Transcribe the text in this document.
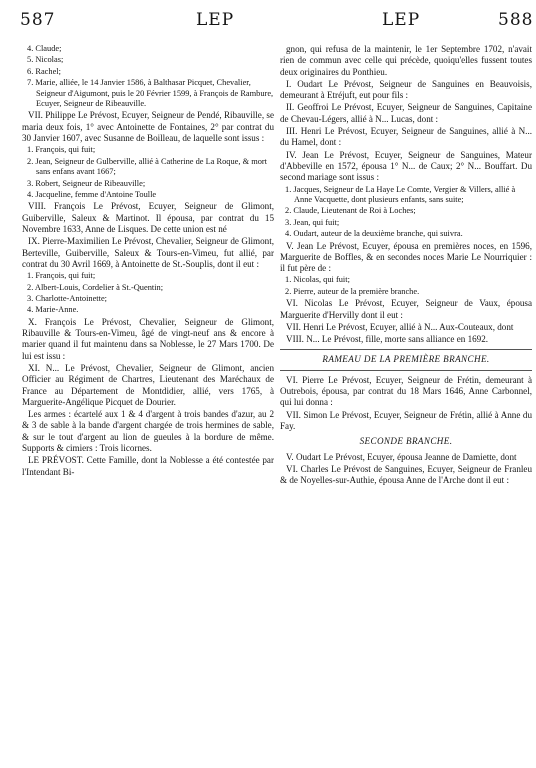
587	LEP	LEP	588

4. Claude;

5. Nicolas;

6. Rachel;

7. Marie, alliée, le 14 Janvier 1586, à Balthasar Picquet, Chevalier, Seigneur d'Aigumont, puis le 20 Février 1599, à François de Rambure, Ecuyer, Seigneur de Ribeauville.

VII. Philippe Le Prévost, Ecuyer, Seigneur de Pendé, Ribauville, se maria deux fois, 1° avec Antoinette de Fontaines, 2° par contrat du 30 Janvier 1607, avec Susanne de Boilleau, de laquelle sont issus :

1. François, qui fuit;

2. Jean, Seigneur de Gulberville, allié à Catherine de La Roque, & mort sans enfans avant 1667;

3. Robert, Seigneur de Ribeauville;

4. Jacqueline, femme d'Antoine Toulle

VIII. François Le Prévost, Ecuyer, Seigneur de Glimont, Guiberville, Saleux & Martinot. Il épousa, par contrat du 15 Novembre 1633, Anne de Lisques. De cette union est né

IX. Pierre-Maximilien Le Prévost, Chevalier, Seigneur de Glimont, Berteville, Guiberville, Saleux & Tours-en-Vimeu, fut allié, par contrat du 30 Avril 1669, à Antoinette de St.-Souplis, dont il eut :

1. François, qui fuit;

2. Albert-Louis, Cordelier à St.-Quentin;

3. Charlotte-Antoinette;

4. Marie-Anne.

X. François Le Prévost, Chevalier, Seigneur de Glimont, Ribauville & Tours-en-Vimeu, âgé de vingt-neuf ans & encore à marier quand il fut maintenu dans sa Noblesse, le 27 Mars 1700. De lui est issu :

XI. N... Le Prévost, Chevalier, Seigneur de Glimont, ancien Officier au Régiment de Chartres, Lieutenant des Maréchaux de France au Département de Montdidier, allié, vers 1765, à Marguerite-Angélique Picquet de Dourier.

Les armes : écartelé aux 1 & 4 d'argent à trois bandes d'azur, au 2 & 3 de sable à la bande d'argent chargée de trois hermines de sable, & sur le tout d'argent au lion de gueules à la bordure de même. Supports & cimiers : Trois licornes.

LE PRÉVOST. Cette Famille, dont la Noblesse a été contestée par l'Intendant Bi-

gnon, qui refusa de la maintenir, le 1er Septembre 1702, n'avait rien de commun avec celle qui précède, quoiqu'elles fussent toutes deux originaires du Ponthieu.

I. Oudart Le Prévost, Seigneur de Sanguines en Beauvoisis, demeurant à Etréjuft, eut pour fils :

II. Geoffroi Le Prévost, Ecuyer, Seigneur de Sanguines, Capitaine de Chevau-Légers, allié à N... Lucas, dont :

III. Henri Le Prévost, Ecuyer, Seigneur de Sanguines, allié à N... du Hamel, dont :

IV. Jean Le Prévost, Ecuyer, Seigneur de Sanguines, Mateur d'Abbeville en 1572, épousa 1° N... de Caux; 2° N... Bouffart. Du second mariage sont issus :

1. Jacques, Seigneur de La Haye Le Comte, Vergier & Villers, allié à Anne Vacquette, dont plusieurs enfants, sans suite;

2. Claude, Lieutenant de Roi à Loches;

3. Jean, qui fuit;

4. Oudart, auteur de la deuxième branche, qui suivra.

V. Jean Le Prévost, Ecuyer, épousa en premières noces, en 1596, Marguerite de Boffles, & en secondes noces Marie Le Nourriquier : il fut père de :

1. Nicolas, qui fuit;

2. Pierre, auteur de la première branche.

VI. Nicolas Le Prévost, Ecuyer, Seigneur de Vaux, épousa Marguerite d'Hervilly dont il eut :

VII. Henri Le Prévost, Ecuyer, allié à N... Aux-Couteaux, dont

VIII. N... Le Prévost, fille, morte sans alliance en 1692.

RAMEAU DE LA PREMIÈRE BRANCHE.

VI. Pierre Le Prévost, Ecuyer, Seigneur de Frétin, demeurant à Outrebois, épousa, par contrat du 18 Mars 1646, Anne Carbonnel, qui lui donna :

VII. Simon Le Prévost, Ecuyer, Seigneur de Frétin, allié à Anne du Fay.

SECONDE BRANCHE.

V. Oudart Le Prévost, Ecuyer, épousa Jeanne de Damiette, dont

VI. Charles Le Prévost de Sanguines, Ecuyer, Seigneur de Franleu & de Noyelles-sur-Authie, épousa Anne de l'Arche dont il eut :
